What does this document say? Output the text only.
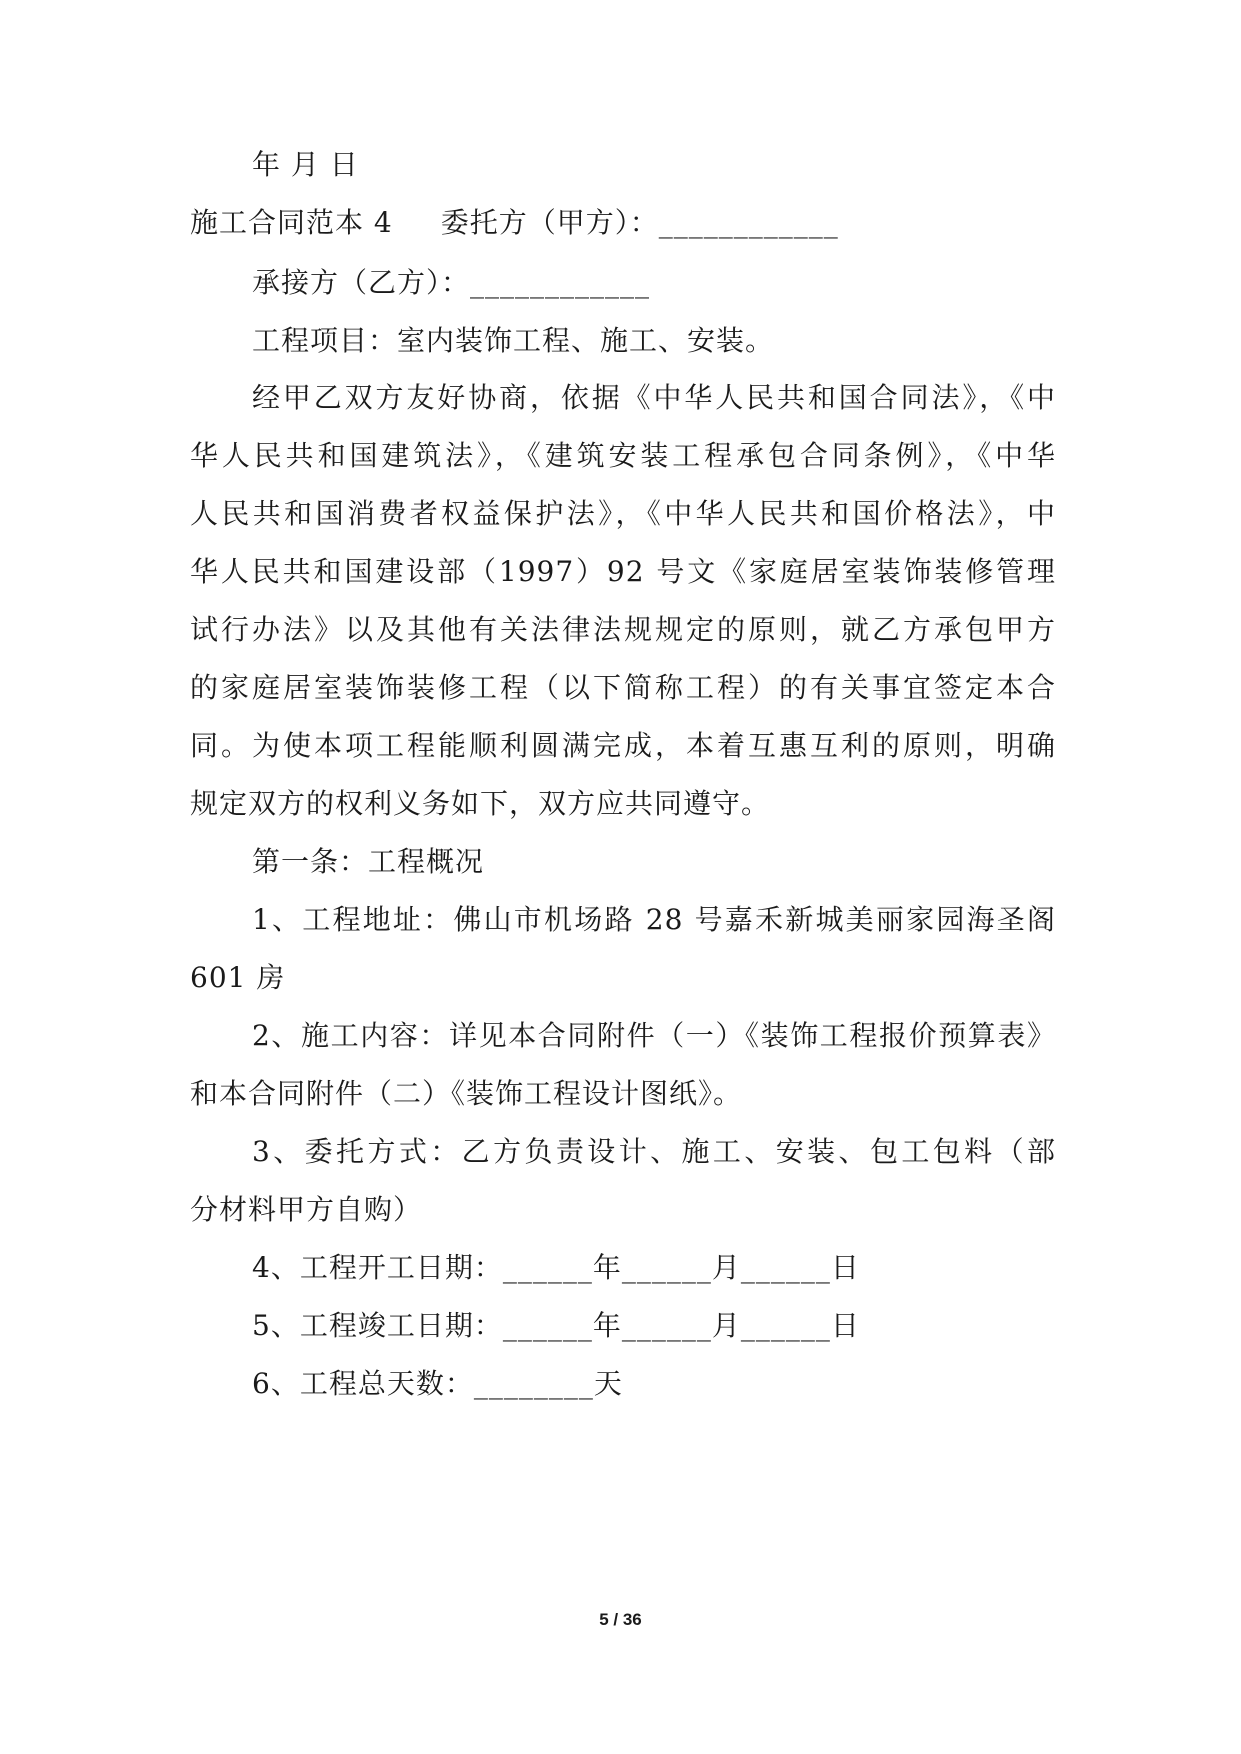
年 月 日
施工合同范本 4 委托方（甲方）：____________
承接方（乙方）：____________
工程项目：室内装饰工程、施工、安装。
经甲乙双方友好协商，依据《中华人民共和国合同法》，《中
华人民共和国建筑法》，《建筑安装工程承包合同条例》，《中华
人民共和国消费者权益保护法》，《中华人民共和国价格法》，中
华人民共和国建设部（1997）92 号文《家庭居室装饰装修管理
试行办法》以及其他有关法律法规规定的原则，就乙方承包甲方
的家庭居室装饰装修工程（以下简称工程）的有关事宜签定本合
同。为使本项工程能顺利圆满完成，本着互惠互利的原则，明确
规定双方的权利义务如下，双方应共同遵守。
第一条：工程概况
1、工程地址：佛山市机场路 28 号嘉禾新城美丽家园海圣阁
601 房
2、施工内容：详见本合同附件（一）《装饰工程报价预算表》
和本合同附件（二）《装饰工程设计图纸》。
3、委托方式：乙方负责设计、施工、安装、包工包料（部
分材料甲方自购）
4、工程开工日期：______年______月______日
5、工程竣工日期：______年______月______日
6、工程总天数：________天
5 / 36
